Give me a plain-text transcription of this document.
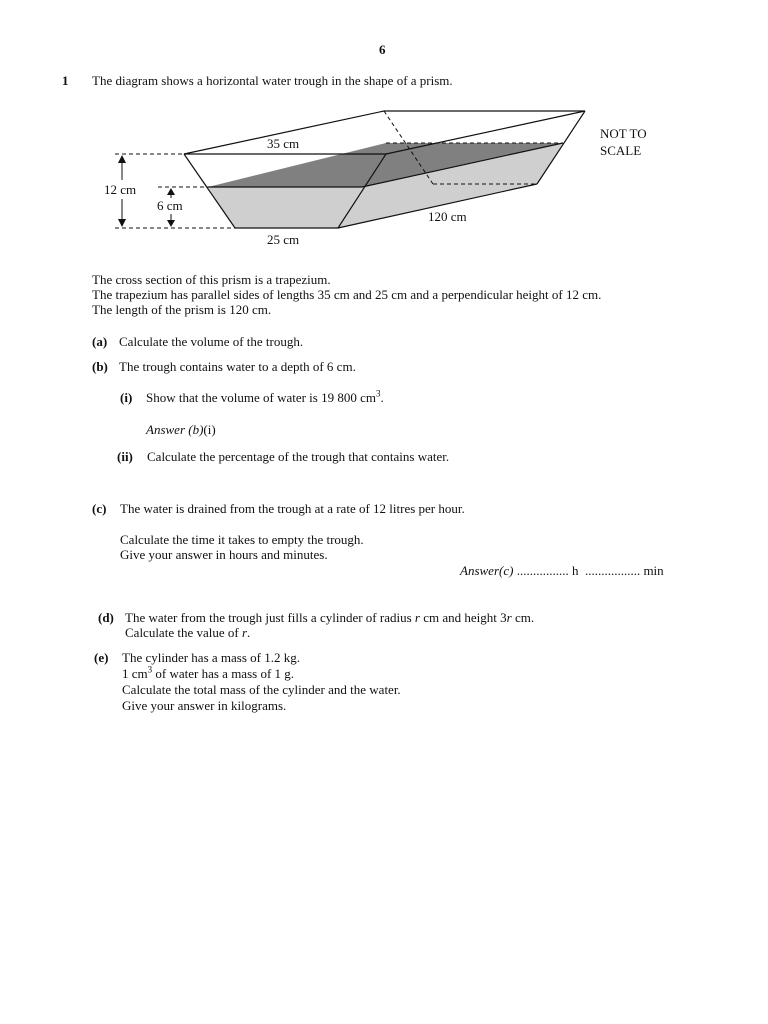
6
1 The diagram shows a horizontal water trough in the shape of a prism.
35 cm
12 cm
6 cm
120 cm
25 cm
NOT TO
SCALE
The cross section of this prism is a trapezium.
The trapezium has parallel sides of lengths 35 cm and 25 cm and a perpendicular height of 12 cm.
The length of the prism is 120 cm.
(a) Calculate the volume of the trough.
(b) The trough contains water to a depth of 6 cm.
(i) Show that the volume of water is 19 800 $cm^3$.
Answer (b)(i)
(ii) Calculate the percentage of the trough that contains water.
(c) The water is drained from the trough at a rate of 12 litres per hour.
Calculate the time it takes to empty the trough.
Give your answer in hours and minutes.
Answer(c) ................ h ................. min
(d) The water from the trough just fills a cylinder of radius r cm and height 3r cm.
Calculate the value of r.
(e) The cylinder has a mass of 1.2 kg.
1 $cm^3$ of water has a mass of 1 g.
Calculate the total mass of the cylinder and the water.
Give your answer in kilograms.
